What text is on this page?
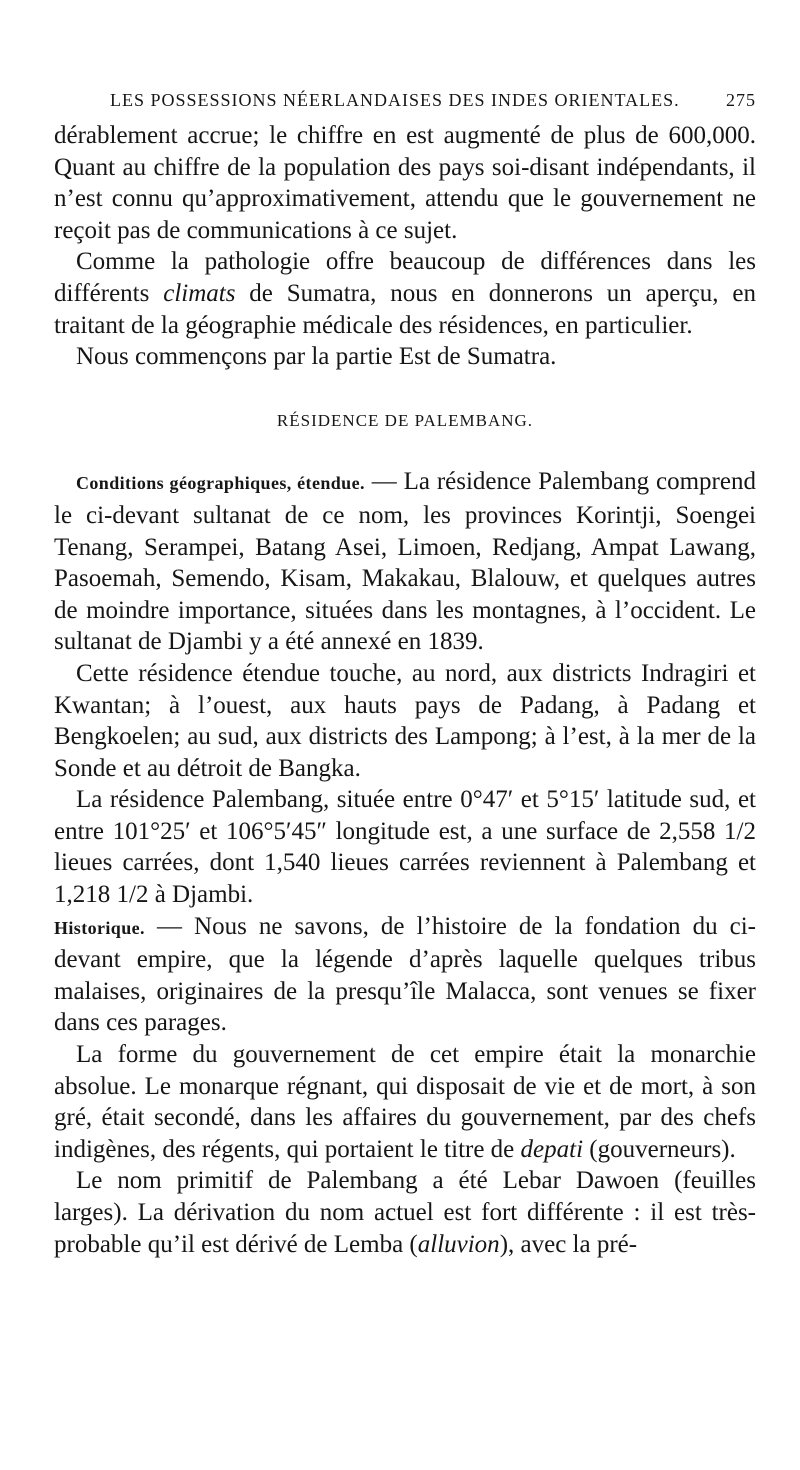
LES POSSESSIONS NÉERLANDAISES DES INDES ORIENTALES.	275

dérablement accrue; le chiffre en est augmenté de plus de 600,000. Quant au chiffre de la population des pays soi-disant indépendants, il n’est connu qu’approximativement, attendu que le gouvernement ne reçoit pas de communications à ce sujet.

Comme la pathologie offre beaucoup de différences dans les différents climats de Sumatra, nous en donnerons un aperçu, en traitant de la géographie médicale des résidences, en particulier.

Nous commençons par la partie Est de Sumatra.

RÉSIDENCE DE PALEMBANG.

Conditions géographiques, étendue. — La résidence Palembang comprend le ci-devant sultanat de ce nom, les provinces Korintji, Soengei Tenang, Serampei, Batang Asei, Limoen, Redjang, Ampat Lawang, Pasoemah, Semendo, Kisam, Makakau, Blalouw, et quelques autres de moindre importance, situées dans les montagnes, à l’occident. Le sultanat de Djambi y a été annexé en 1839.

Cette résidence étendue touche, au nord, aux districts Indragiri et Kwantan; à l’ouest, aux hauts pays de Padang, à Padang et Bengkoelen; au sud, aux districts des Lampong; à l’est, à la mer de la Sonde et au détroit de Bangka.

La résidence Palembang, située entre 0°47′ et 5°15′ latitude sud, et entre 101°25′ et 106°5′45″ longitude est, a une surface de 2,558 1/2 lieues carrées, dont 1,540 lieues carrées reviennent à Palembang et 1,218 1/2 à Djambi.

Historique. — Nous ne savons, de l’histoire de la fondation du ci-devant empire, que la légende d’après laquelle quelques tribus malaises, originaires de la presqu’île Malacca, sont venues se fixer dans ces parages.

La forme du gouvernement de cet empire était la monarchie absolue. Le monarque régnant, qui disposait de vie et de mort, à son gré, était secondé, dans les affaires du gouvernement, par des chefs indigènes, des régents, qui portaient le titre de depati (gouverneurs).

Le nom primitif de Palembang a été Lebar Dawoen (feuilles larges). La dérivation du nom actuel est fort différente : il est très-probable qu’il est dérivé de Lemba (alluvion), avec la pré-
